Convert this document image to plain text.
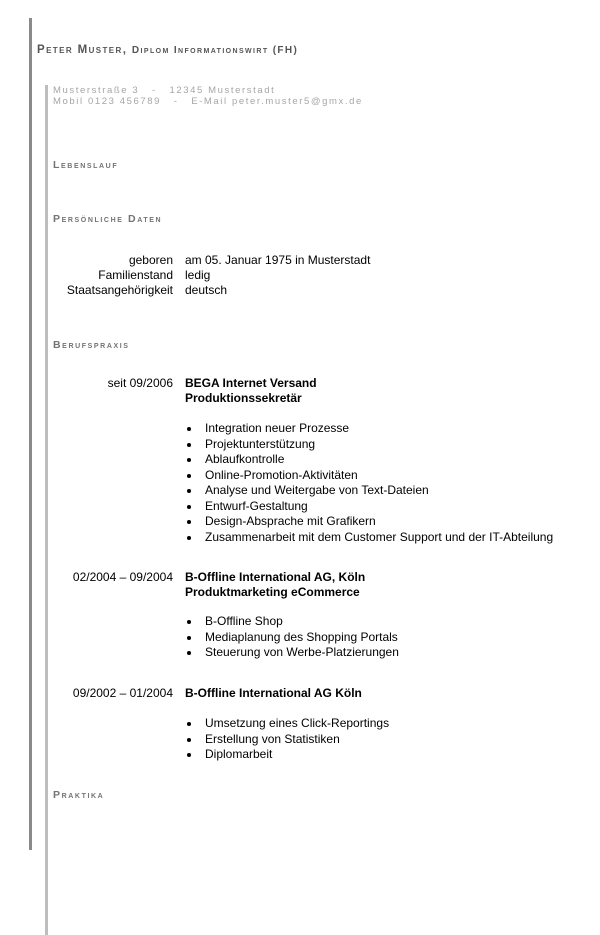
Peter Muster, Diplom Informationswirt (FH)
Musterstraße 3   -   12345 Musterstadt
Mobil 0123 456789   -   E-Mail peter.muster5@gmx.de
Lebenslauf
Persönliche Daten
geboren am 05. Januar 1975 in Musterstadt
Familienstand ledig
Staatsangehörigkeit deutsch
Berufspraxis
seit 09/2006 BEGA Internet Versand
Produktionssekretär
Integration neuer Prozesse
Projektunterstützung
Ablaufkontrolle
Online-Promotion-Aktivitäten
Analyse und Weitergabe von Text-Dateien
Entwurf-Gestaltung
Design-Absprache mit Grafikern
Zusammenarbeit mit dem Customer Support und der IT-Abteilung
02/2004 – 09/2004 B-Offline International AG, Köln
Produktmarketing eCommerce
B-Offline Shop
Mediaplanung des Shopping Portals
Steuerung von Werbe-Platzierungen
09/2002 – 01/2004 B-Offline International AG Köln
Umsetzung eines Click-Reportings
Erstellung von Statistiken
Diplomarbeit
Praktika
